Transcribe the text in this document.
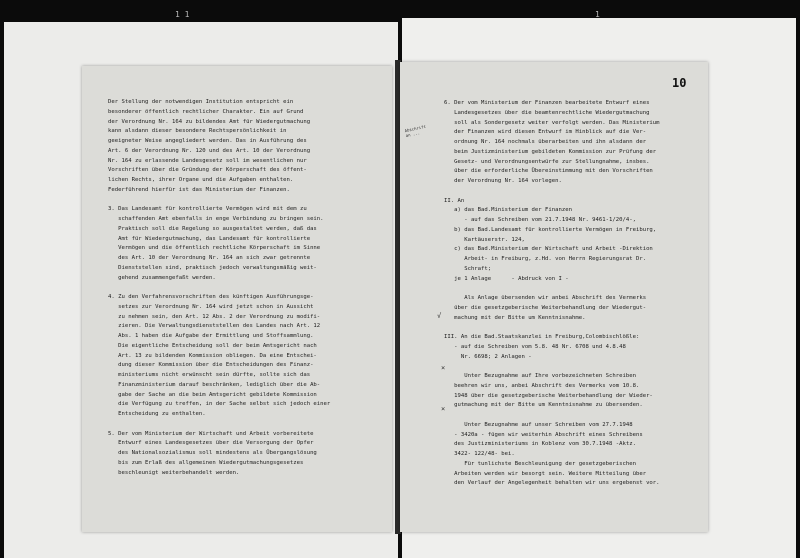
1 1	1
Der Stellung der notwendigen Institution entspricht ein
besonderer öffentlich rechtlicher Charakter. Ein auf Grund
der Verordnung Nr. 164 zu bildendes Amt für Wiedergutmachung
kann alsdann dieser besondere Rechtspersönlichkeit in
geeigneter Weise angegliedert werden. Das in Ausführung des
Art. 6 der Verordnung Nr. 120 und des Art. 10 der Verordnung
Nr. 164 zu erlassende Landesgesetz soll im wesentlichen nur
Vorschriften über die Gründung der Körperschaft des öffent-
lichen Rechts, ihrer Organe und die Aufgaben enthalten.
Federführend hierfür ist das Ministerium der Finanzen.
3. Das Landesamt für kontrollierte Vermögen wird mit dem zu
schaffenden Amt ebenfalls in enge Verbindung zu bringen sein.
Praktisch soll die Regelung so ausgestaltet werden, daß das
Amt für Wiedergutmachung, das Landesamt für kontrollierte
Vermögen und die öffentlich rechtliche Körperschaft im Sinne
des Art. 10 der Verordnung Nr. 164 an sich zwar getrennte
Dienststellen sind, praktisch jedoch verwaltungsmäßig weit-
gehend zusammengefaßt werden.
4. Zu den Verfahrensvorschriften des künftigen Ausführungsge-
setzes zur Verordnung Nr. 164 wird jetzt schon in Aussicht
zu nehmen sein, den Art. 12 Abs. 2 der Verordnung zu modifi-
zieren. Die Verwaltungsdienststellen des Landes nach Art. 12
Abs. 1 haben die Aufgabe der Ermittlung und Stoffsammlung.
Die eigentliche Entscheidung soll der beim Amtsgericht nach
Art. 13 zu bildenden Kommission obliegen. Da eine Entschei-
dung dieser Kommission über die Entscheidungen des Finanz-
ministeriums nicht erwünscht sein dürfte, sollte sich das
Finanzministerium darauf beschränken, lediglich über die Ab-
gabe der Sache an die beim Amtsgericht gebildete Kommission
die Verfügung zu treffen, in der Sache selbst sich jedoch einer
Entscheidung zu enthalten.
5. Der vom Ministerium der Wirtschaft und Arbeit vorbereitete
Entwurf eines Landesgesetzes über die Versorgung der Opfer
des Nationalsozialismus soll mindestens als Übergangslösung
bis zum Erlaß des allgemeinen Wiedergutmachungsgesetzes
beschleunigt weiterbehandelt werden.
10
6. Der vom Ministerium der Finanzen bearbeitete Entwurf eines
Landesgesetzes über die beamtenrechtliche Wiedergutmachung
soll als Sondergesetz weiter verfolgt werden. Das Ministerium
der Finanzen wird diesen Entwurf im Hinblick auf die Ver-
ordnung Nr. 164 nochmals überarbeiten und ihn alsdann der
beim Justizministerium gebildeten Kommission zur Prüfung der
Gesetz- und Verordnungsentwürfe zur Stellungnahme, insbes.
über die erforderliche Übereinstimmung mit den Vorschriften
der Verordnung Nr. 164 vorlegen.
II. An
a) das Bad.Ministerium der Finanzen
- auf das Schreiben vom 21.7.1948 Nr. 9461-1/20/4-,
b) das Bad.Landesamt für kontrollierte Vermögen in Freiburg,
Kartäuserstr. 124,
c) das Bad.Ministerium der Wirtschaft und Arbeit -Direktion
Arbeit- in Freiburg, z.Hd. von Herrn Regierungsrat Dr.
Schraft;
je 1 Anlage      - Abdruck von I -
Als Anlage übersenden wir anbei Abschrift des Vermerks
über die gesetzgeberische Weiterbehandlung der Wiedergut-
machung mit der Bitte um Kenntnisnahme.
III. An die Bad.Staatskanzlei in Freiburg,Colombischlößle:
- auf die Schreiben vom 5.8. 48 Nr. 6708 und 4.8.48
Nr. 6698; 2 Anlagen -
Unter Bezugnahme auf Ihre vorbezeichneten Schreiben
beehren wir uns, anbei Abschrift des Vermerks vom 10.8.
1948 über die gesetzgeberische Weiterbehandlung der Wieder-
gutmachung mit der Bitte um Kenntnisnahme zu übersenden.
Unter Bezugnahme auf unser Schreiben vom 27.7.1948
- 3420a - fügen wir weiterhin Abschrift eines Schreibens
des Justizministeriums in Koblenz vom 30.7.1948 -Aktz.
3422- 122/48- bei.
Für tunlichste Beschleunigung der gesetzgeberischen
Arbeiten werden wir besorgt sein. Weitere Mitteilung über
den Verlauf der Angelegenheit behalten wir uns ergebenst vor.
Abschrift
an ...
√
×
×
